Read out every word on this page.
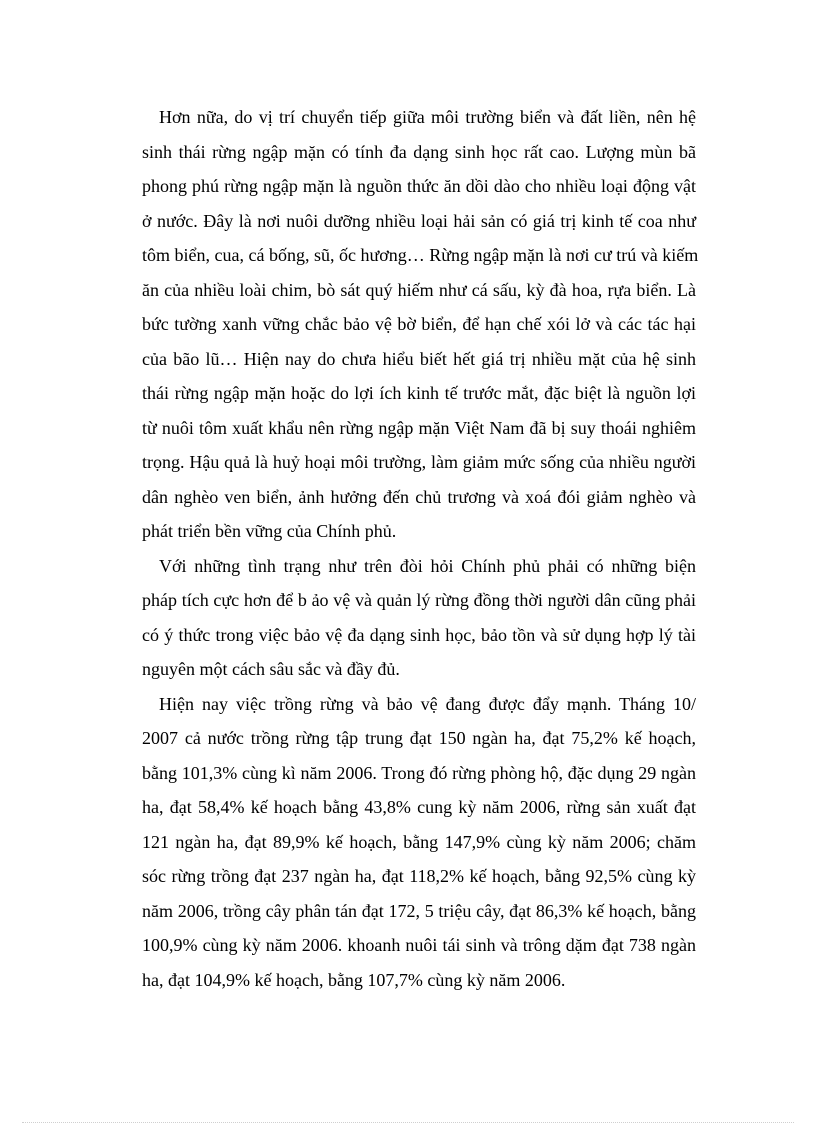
Hơn nữa, do vị trí chuyển tiếp giữa môi trường biển và đất liền, nên hệ
sinh thái rừng ngập mặn có tính đa dạng sinh học rất cao. Lượng mùn bã
phong phú rừng ngập mặn là nguồn thức ăn dồi dào cho nhiều loại động vật
ở nước. Đây là nơi nuôi dưỡng nhiều loại hải sản có giá trị kinh tế coa như
tôm biển, cua, cá bống, sũ, ốc hương… Rừng ngập mặn là nơi cư trú và kiếm
ăn của nhiều loài chim, bò sát quý hiếm như cá sấu, kỳ đà hoa, rựa biển. Là
bức tường xanh vững chắc bảo vệ bờ biển, để hạn chế xói lở và các tác hại
của bão lũ… Hiện nay do chưa hiểu biết hết giá trị nhiều mặt của hệ sinh
thái rừng ngập mặn hoặc do lợi ích kinh tế trước mắt, đặc biệt là nguồn lợi
từ nuôi tôm xuất khẩu nên rừng ngập mặn Việt Nam đã bị suy thoái nghiêm
trọng. Hậu quả là huỷ hoại môi trường, làm giảm mức sống của nhiều người
dân nghèo ven biển, ảnh hưởng đến chủ trương và xoá đói giảm nghèo và
phát triển bền vững của Chính phủ.
Với những tình trạng như trên đòi hỏi Chính phủ phải có những biện
pháp tích cực hơn để b ảo vệ và quản lý rừng đồng thời người dân cũng phải
có ý thức trong việc bảo vệ đa dạng sinh học, bảo tồn và sử dụng hợp lý tài
nguyên một cách sâu sắc và đầy đủ.
Hiện nay việc trồng rừng và bảo vệ đang được đẩy mạnh. Tháng 10/
2007 cả nước trồng rừng tập trung đạt 150 ngàn ha, đạt 75,2% kế hoạch,
bằng 101,3% cùng kì năm 2006. Trong đó rừng phòng hộ, đặc dụng 29 ngàn
ha, đạt 58,4% kế hoạch bằng 43,8% cung kỳ năm 2006, rừng sản xuất đạt
121 ngàn ha, đạt 89,9% kế hoạch, bằng 147,9% cùng kỳ năm 2006; chăm
sóc rừng trồng đạt 237 ngàn ha, đạt 118,2% kế hoạch, bằng 92,5% cùng kỳ
năm 2006, trồng cây phân tán đạt 172, 5 triệu cây, đạt 86,3% kế hoạch, bằng
100,9% cùng kỳ năm 2006. khoanh nuôi tái sinh và trông dặm đạt 738 ngàn
ha, đạt 104,9% kế hoạch, bằng 107,7% cùng kỳ năm 2006.
